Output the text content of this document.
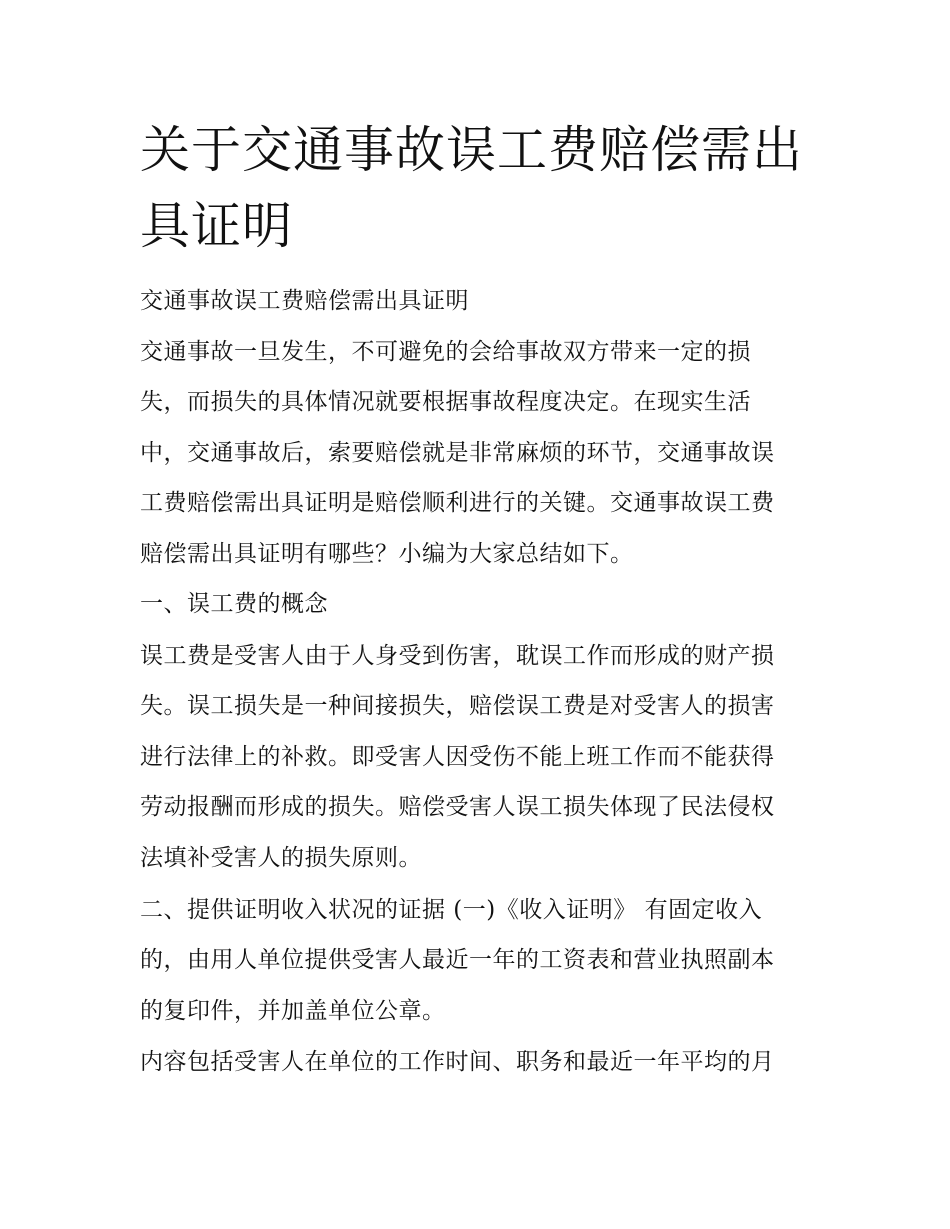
关于交通事故误工费赔偿需出
具证明
交通事故误工费赔偿需出具证明
交通事故一旦发生，不可避免的会给事故双方带来一定的损
失，而损失的具体情况就要根据事故程度决定。在现实生活
中，交通事故后，索要赔偿就是非常麻烦的环节，交通事故误
工费赔偿需出具证明是赔偿顺利进行的关键。交通事故误工费
赔偿需出具证明有哪些？小编为大家总结如下。
一、误工费的概念
误工费是受害人由于人身受到伤害，耽误工作而形成的财产损
失。误工损失是一种间接损失，赔偿误工费是对受害人的损害
进行法律上的补救。即受害人因受伤不能上班工作而不能获得
劳动报酬而形成的损失。赔偿受害人误工损失体现了民法侵权
法填补受害人的损失原则。
二、提供证明收入状况的证据 (一)《收入证明》 有固定收入
的，由用人单位提供受害人最近一年的工资表和营业执照副本
的复印件，并加盖单位公章。
内容包括受害人在单位的工作时间、职务和最近一年平均的月
